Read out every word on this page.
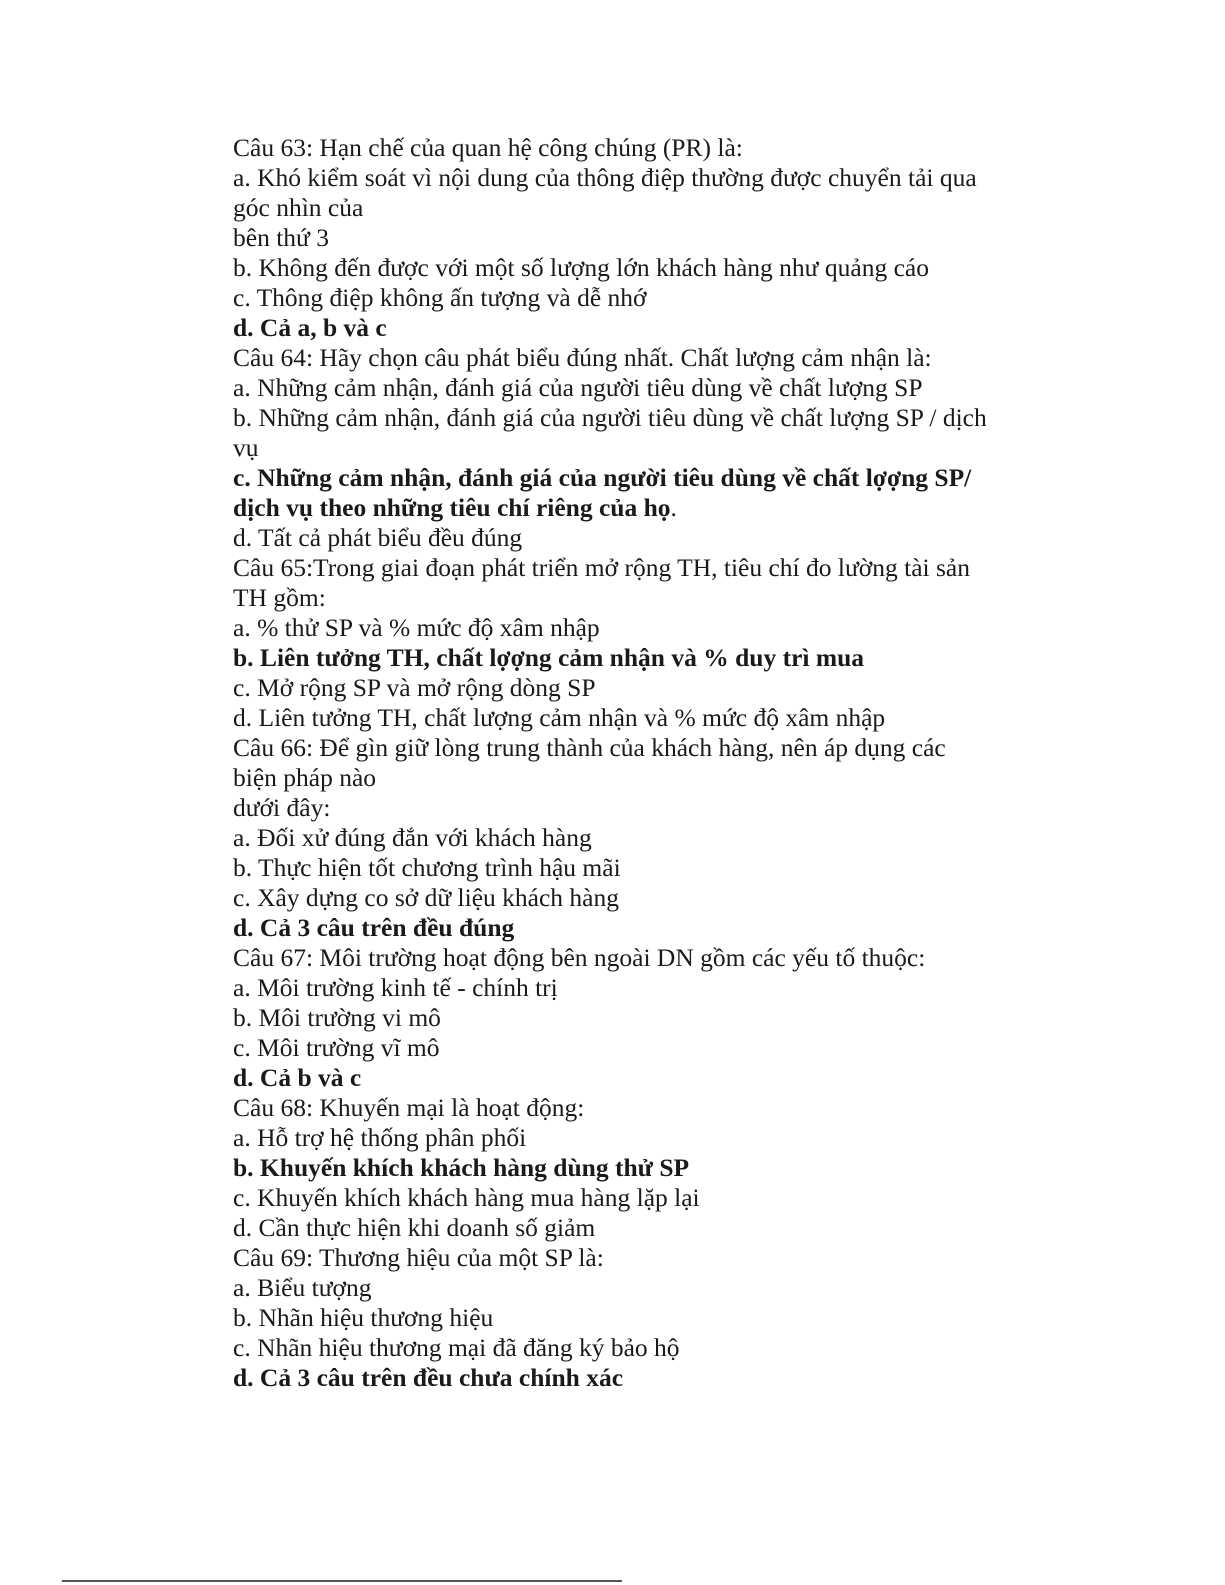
Câu 63: Hạn chế của quan hệ công chúng (PR) là:
a. Khó kiểm soát vì nội dung của thông điệp thường được chuyển tải qua
góc nhìn của
bên thứ 3
b. Không đến được với một số lượng lớn khách hàng như quảng cáo
c. Thông điệp không ấn tượng và dễ nhớ
d. Cả a, b và c
Câu 64: Hãy chọn câu phát biểu đúng nhất. Chất lượng cảm nhận là:
a. Những cảm nhận, đánh giá của người tiêu dùng về chất lượng SP
b. Những cảm nhận, đánh giá của người tiêu dùng về chất lượng SP / dịch
vụ
c. Những cảm nhận, đánh giá của người tiêu dùng về chất lợợng SP/
dịch vụ theo những tiêu chí riêng của họ.
d. Tất cả phát biểu đều đúng
Câu 65:Trong giai đoạn phát triển mở rộng TH, tiêu chí đo lường tài sản
TH gồm:
a. % thử SP và % mức độ xâm nhập
b. Liên tưởng TH, chất lợợng cảm nhận và % duy trì mua
c. Mở rộng SP và mở rộng dòng SP
d. Liên tưởng TH, chất lượng cảm nhận và % mức độ xâm nhập
Câu 66: Để gìn giữ lòng trung thành của khách hàng, nên áp dụng các
biện pháp nào
dưới đây:
a. Đối xử đúng đắn với khách hàng
b. Thực hiện tốt chương trình hậu mãi
c. Xây dựng co sở dữ liệu khách hàng
d. Cả 3 câu trên đều đúng
Câu 67: Môi trường hoạt động bên ngoài DN gồm các yếu tố thuộc:
a. Môi trường kinh tế - chính trị
b. Môi trường vi mô
c. Môi trường vĩ mô
d. Cả b và c
Câu 68: Khuyến mại là hoạt động:
a. Hỗ trợ hệ thống phân phối
b. Khuyến khích khách hàng dùng thử SP
c. Khuyến khích khách hàng mua hàng lặp lại
d. Cần thực hiện khi doanh số giảm
Câu 69: Thương hiệu của một SP là:
a. Biểu tượng
b. Nhãn hiệu thương hiệu
c. Nhãn hiệu thương mại đã đăng ký bảo hộ
d. Cả 3 câu trên đều chưa chính xác
